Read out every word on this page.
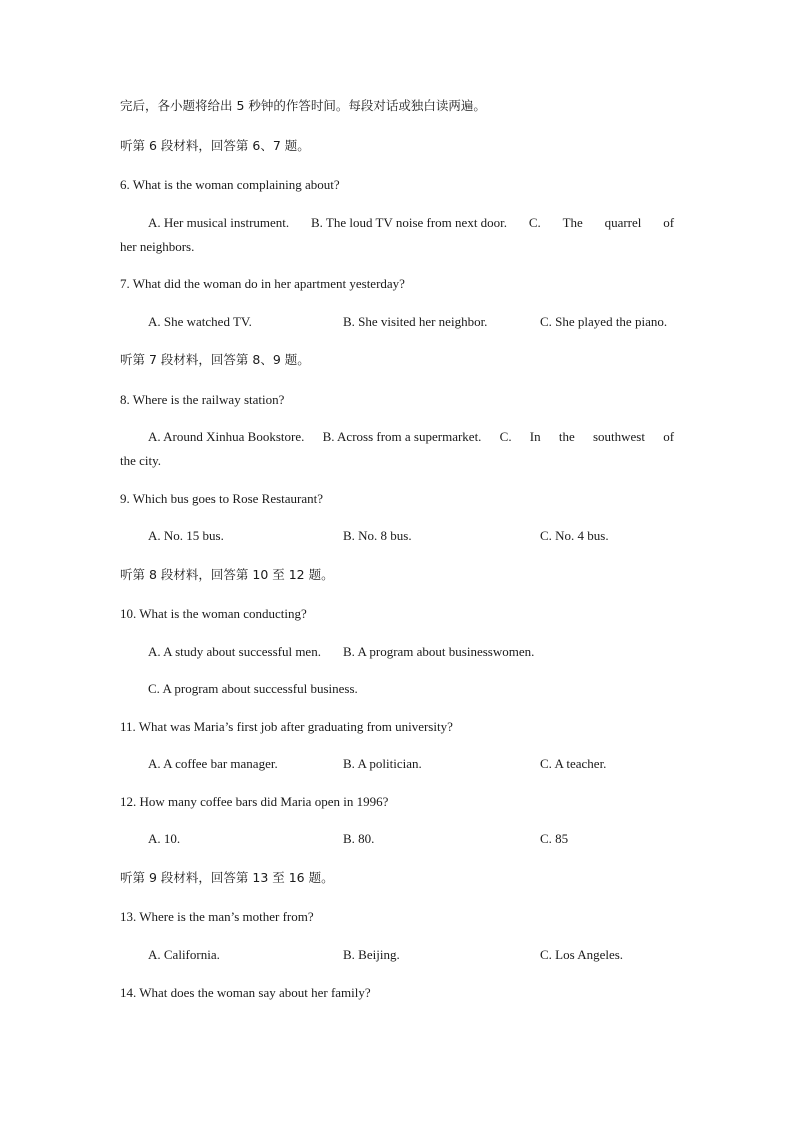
完后，各小题将给出 5 秒钟的作答时间。每段对话或独白读两遍。
听第 6 段材料，回答第 6、7 题。
6. What is the woman complaining about?
A. Her musical instrument. B. The loud TV noise from next door. C. The quarrel of
her neighbors.
7. What did the woman do in her apartment yesterday?
A. She watched TV.	B. She visited her neighbor.	C. She played the piano.
听第 7 段材料，回答第 8、9 题。
8. Where is the railway station?
A. Around Xinhua Bookstore. B. Across from a supermarket. C. In the southwest of
the city.
9. Which bus goes to Rose Restaurant?
A. No. 15 bus.	B. No. 8 bus.	C. No. 4 bus.
听第 8 段材料，回答第 10 至 12 题。
10. What is the woman conducting?
A. A study about successful men. B. A program about businesswomen.
C. A program about successful business.
11. What was Maria’s first job after graduating from university?
A. A coffee bar manager.	B. A politician.	C. A teacher.
12. How many coffee bars did Maria open in 1996?
A. 10.	B. 80.	C. 85
听第 9 段材料，回答第 13 至 16 题。
13. Where is the man’s mother from?
A. California.	B. Beijing.	C. Los Angeles.
14. What does the woman say about her family?
